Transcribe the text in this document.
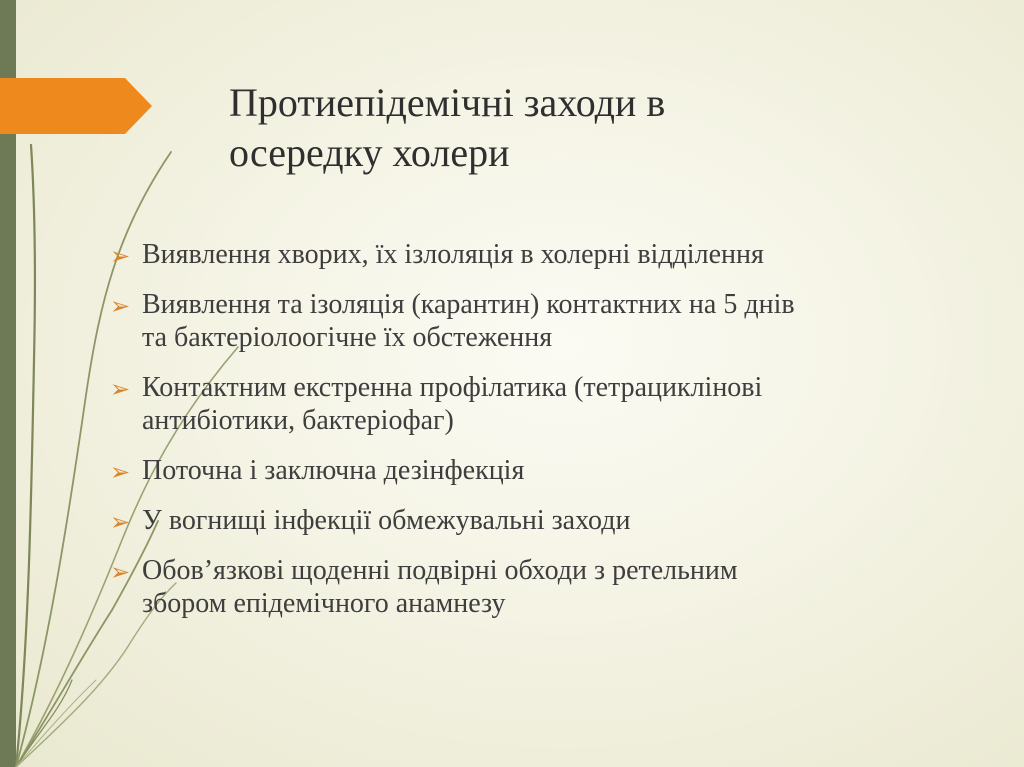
Протиепідемічні заходи в
осередку холери
➢ Виявлення хворих, їх ізлоляція в холерні відділення
➢ Виявлення та ізоляція (карантин) контактних на 5 днів
та бактеріолоогічне їх обстеження
➢ Контактним екстренна профілатика (тетрациклінові
антибіотики, бактеріофаг)
➢ Поточна і заключна дезінфекція
➢ У вогнищі інфекції обмежувальні заходи
➢ Обов’язкові щоденні подвірні обходи з ретельним
збором епідемічного анамнезу
